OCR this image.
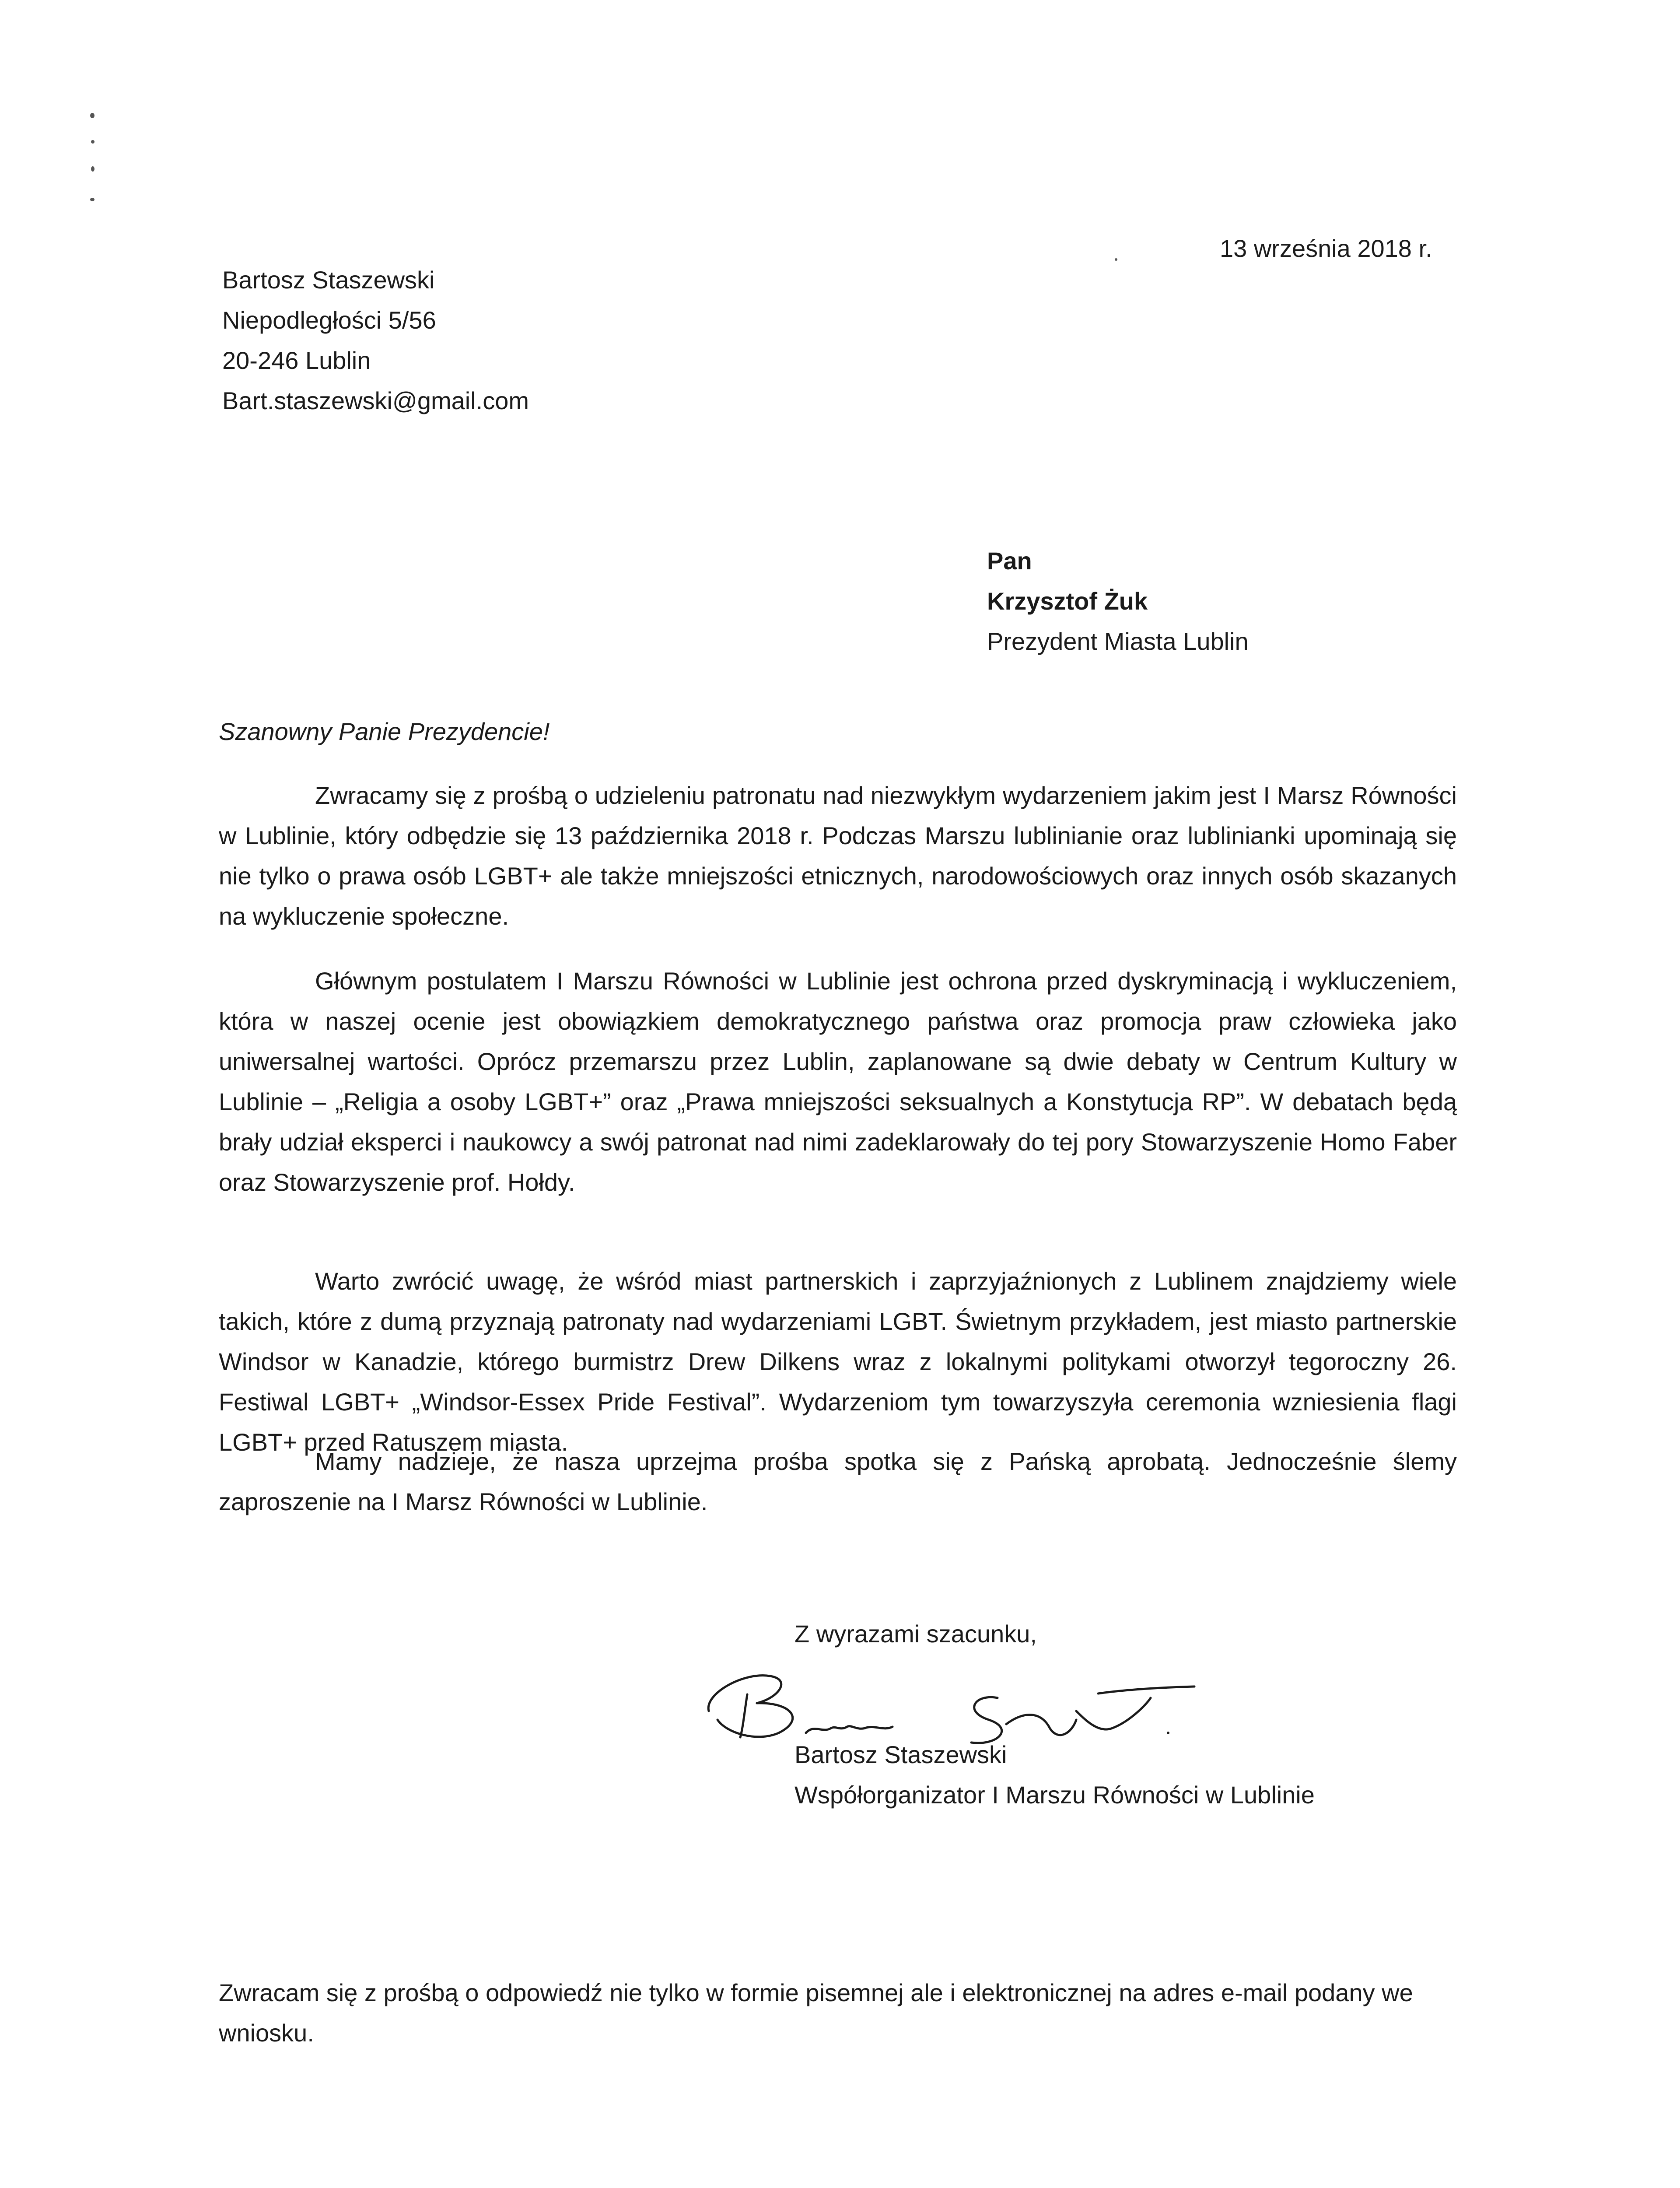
13 września 2018 r.
Bartosz Staszewski
Niepodległości 5/56
20-246 Lublin
Bart.staszewski@gmail.com
Pan
Krzysztof Żuk
Prezydent Miasta Lublin
Szanowny Panie Prezydencie!

Zwracamy się z prośbą o udzieleniu patronatu nad niezwykłym wydarzeniem jakim jest I Marsz Równości w Lublinie, który odbędzie się 13 października 2018 r. Podczas Marszu lublinianie oraz lublinianki upominają się nie tylko o prawa osób LGBT+ ale także mniejszości etnicznych, narodowościowych oraz innych osób skazanych na wykluczenie społeczne.

Głównym postulatem I Marszu Równości w Lublinie jest ochrona przed dyskryminacją i wykluczeniem, która w naszej ocenie jest obowiązkiem demokratycznego państwa oraz promocja praw człowieka jako uniwersalnej wartości. Oprócz przemarszu przez Lublin, zaplanowane są dwie debaty w Centrum Kultury w Lublinie – „Religia a osoby LGBT+” oraz „Prawa mniejszości seksualnych a Konstytucja RP”. W debatach będą brały udział eksperci i naukowcy a swój patronat nad nimi zadeklarowały do tej pory Stowarzyszenie Homo Faber oraz Stowarzyszenie prof. Hołdy.

Warto zwrócić uwagę, że wśród miast partnerskich i zaprzyjaźnionych z Lublinem znajdziemy wiele takich, które z dumą przyznają patronaty nad wydarzeniami LGBT. Świetnym przykładem, jest miasto partnerskie Windsor w Kanadzie, którego burmistrz Drew Dilkens wraz z lokalnymi politykami otworzył tegoroczny 26. Festiwal LGBT+ „Windsor-Essex Pride Festival”. Wydarzeniom tym towarzyszyła ceremonia wzniesienia flagi LGBT+ przed Ratuszem miasta.

Mamy nadzieje, że nasza uprzejma prośba spotka się z Pańską aprobatą. Jednocześnie ślemy zaproszenie na I Marsz Równości w Lublinie.

Z wyrazami szacunku,
Bartosz Staszewski
Bartosz Staszewski
Współorganizator I Marszu Równości w Lublinie

Zwracam się z prośbą o odpowiedź nie tylko w formie pisemnej ale i elektronicznej na adres e-mail podany we wniosku.
